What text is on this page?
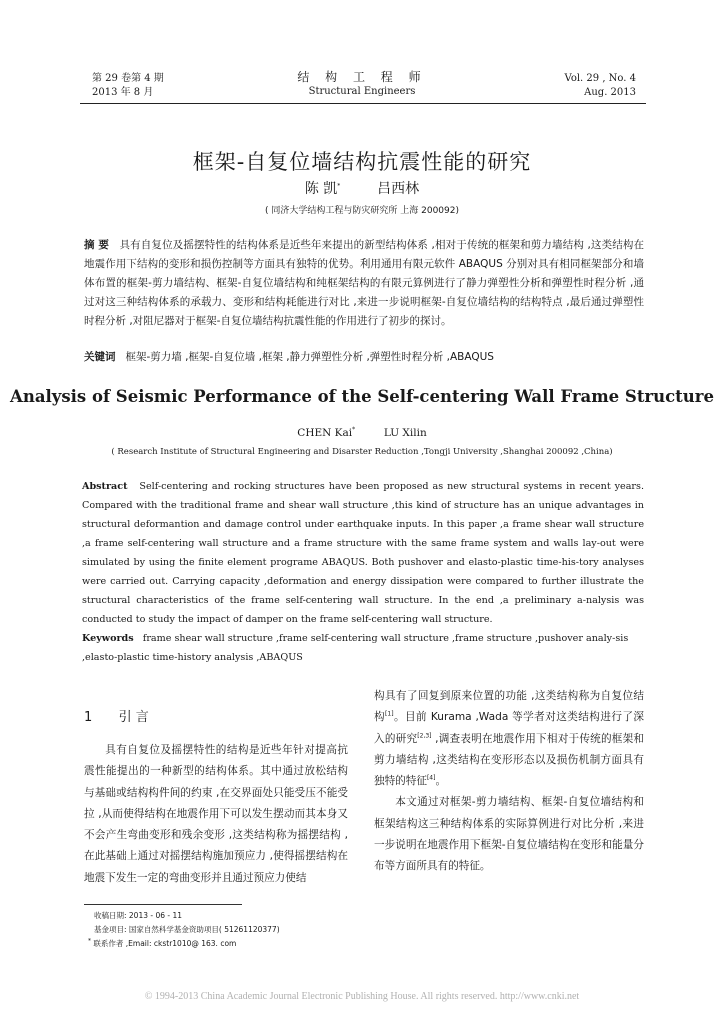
第 29 卷第 4 期
2013 年 8 月
结 构 工 程 师
Structural Engineers
Vol. 29 , No. 4
Aug. 2013
框架-自复位墙结构抗震性能的研究
陈 凯*	吕西林
( 同济大学结构工程与防灾研究所 上海 200092)
摘 要 具有自复位及摇摆特性的结构体系是近些年来提出的新型结构体系 ,相对于传统的框架和剪力墙结构 ,这类结构在地震作用下结构的变形和损伤控制等方面具有独特的优势。利用通用有限元软件 ABAQUS 分别对具有相同框架部分和墙体布置的框架-剪力墙结构、框架-自复位墙结构和纯框架结构的有限元算例进行了静力弹塑性分析和弹塑性时程分析 ,通过对这三种结构体系的承载力、变形和结构耗能进行对比 ,来进一步说明框架-自复位墙结构的结构特点 ,最后通过弹塑性时程分析 ,对阻尼器对于框架-自复位墙结构抗震性能的作用进行了初步的探讨。
关键词 框架-剪力墙 ,框架-自复位墙 ,框架 ,静力弹塑性分析 ,弹塑性时程分析 ,ABAQUS
Analysis of Seismic Performance of the Self-centering Wall Frame Structure
CHEN Kai*	LU Xilin
( Research Institute of Structural Engineering and Disarster Reduction ,Tongji University ,Shanghai 200092 ,China)
Abstract Self-centering and rocking structures have been proposed as new structural systems in recent years. Compared with the traditional frame and shear wall structure ,this kind of structure has an unique advantages in structural deformantion and damage control under earthquake inputs. In this paper ,a frame shear wall structure ,a frame self-centering wall structure and a frame structure with the same frame system and walls lay-out were simulated by using the finite element programe ABAQUS. Both pushover and elasto-plastic time-his-tory analyses were carried out. Carrying capacity ,deformation and energy dissipation were compared to further illustrate the structural characteristics of the frame self-centering wall structure. In the end ,a preliminary a-nalysis was conducted to study the impact of damper on the frame self-centering wall structure.
Keywords frame shear wall structure ,frame self-centering wall structure ,frame structure ,pushover analy-sis ,elasto-plastic time-history analysis ,ABAQUS
1 引 言
具有自复位及摇摆特性的结构是近些年针对提高抗震性能提出的一种新型的结构体系。其中通过放松结构与基础或结构构件间的约束 ,在交界面处只能受压不能受拉 ,从而使得结构在地震作用下可以发生摆动而其本身又不会产生弯曲变形和残余变形 ,这类结构称为摇摆结构 ,在此基础上通过对摇摆结构施加预应力 ,使得摇摆结构在地震下发生一定的弯曲变形并且通过预应力使结

构具有了回复到原来位置的功能 ,这类结构称为自复位结构[1]。目前 Kurama ,Wada 等学者对这类结构进行了深入的研究[2,3] ,调查表明在地震作用下相对于传统的框架和剪力墙结构 ,这类结构在变形形态以及损伤机制方面具有独特的特征[4]。

本文通过对框架-剪力墙结构、框架-自复位墙结构和框架结构这三种结构体系的实际算例进行对比分析 ,来进一步说明在地震作用下框架-自复位墙结构在变形和能量分布等方面所具有的特征。

收稿日期: 2013 - 06 - 11
基金项目: 国家自然科学基金资助项目( 51261120377)
* 联系作者 ,Email: ckstr1010@ 163. com
© 1994-2013 China Academic Journal Electronic Publishing House. All rights reserved. http://www.cnki.net
